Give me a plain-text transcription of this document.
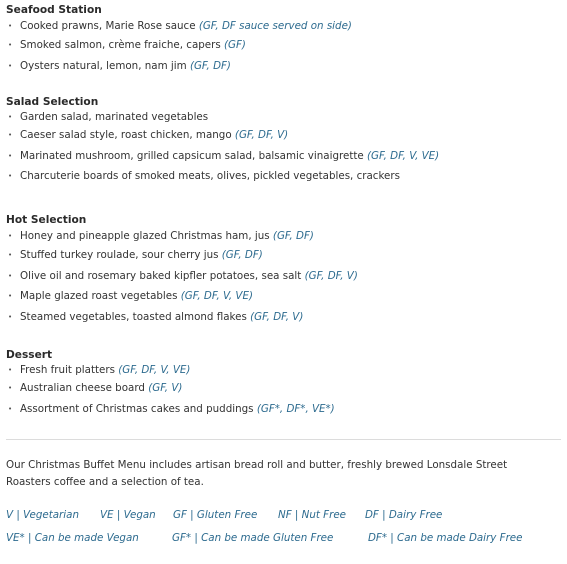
Seafood Station
• Cooked prawns, Marie Rose sauce (GF, DF sauce served on side)
• Smoked salmon, crème fraiche, capers (GF)
• Oysters natural, lemon, nam jim (GF, DF)
Salad Selection
• Garden salad, marinated vegetables
• Caeser salad style, roast chicken, mango (GF, DF, V)
• Marinated mushroom, grilled capsicum salad, balsamic vinaigrette (GF, DF, V, VE)
• Charcuterie boards of smoked meats, olives, pickled vegetables, crackers
Hot Selection
• Honey and pineapple glazed Christmas ham, jus (GF, DF)
• Stuffed turkey roulade, sour cherry jus (GF, DF)
• Olive oil and rosemary baked kipfler potatoes, sea salt (GF, DF, V)
• Maple glazed roast vegetables (GF, DF, V, VE)
• Steamed vegetables, toasted almond flakes (GF, DF, V)
Dessert
• Fresh fruit platters (GF, DF, V, VE)
• Australian cheese board (GF, V)
• Assortment of Christmas cakes and puddings (GF*, DF*, VE*)
Our Christmas Buffet Menu includes artisan bread roll and butter, freshly brewed Lonsdale Street Roasters coffee and a selection of tea.
V | Vegetarian VE | Vegan GF | Gluten Free NF | Nut Free DF | Dairy Free
VE* | Can be made Vegan	GF* | Can be made Gluten Free	DF* | Can be made Dairy Free
